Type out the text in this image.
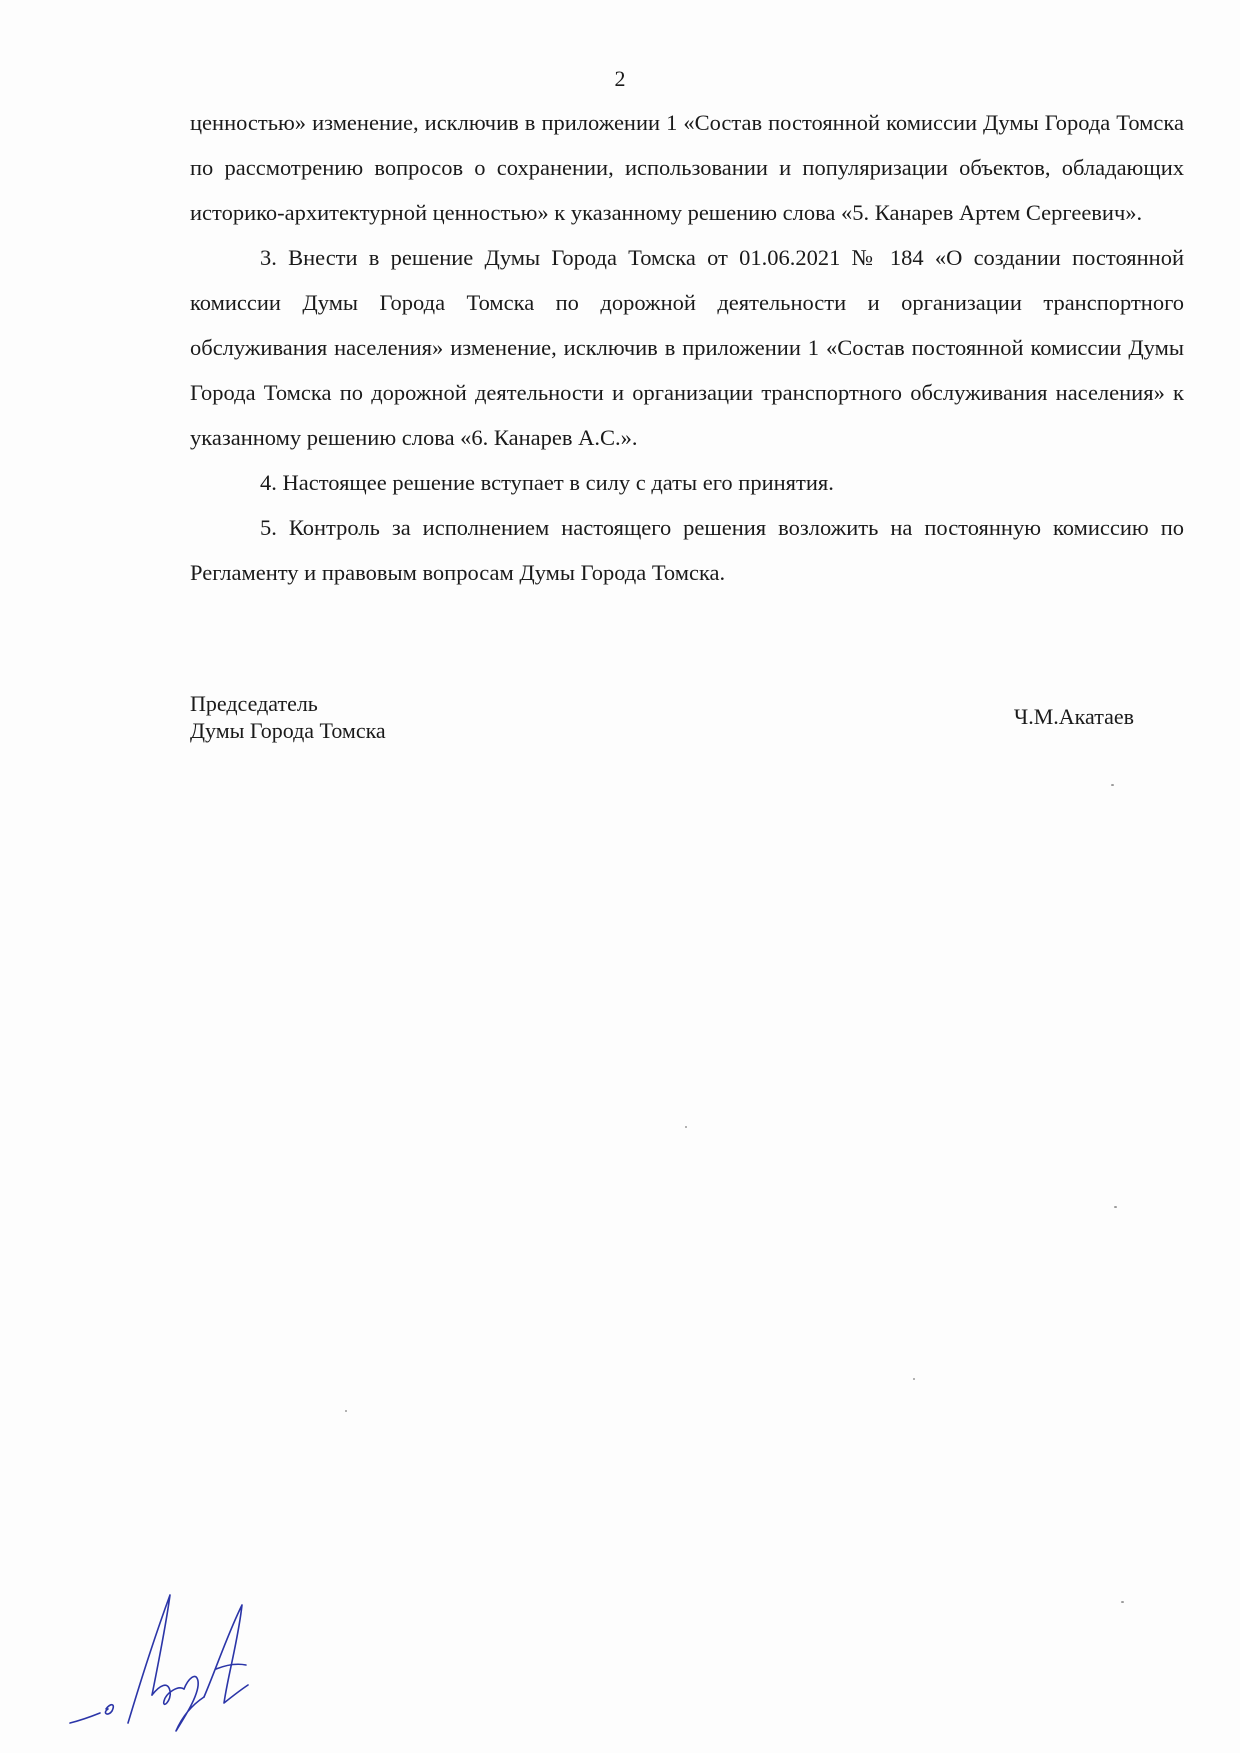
2

ценностью» изменение, исключив в приложении 1 «Состав постоянной комиссии Думы Города Томска по рассмотрению вопросов о сохранении, использовании и популяризации объектов, обладающих историко-архитектурной ценностью» к указанному решению слова «5. Канарев Артем Сергеевич».

3. Внести в решение Думы Города Томска от 01.06.2021 № 184 «О создании постоянной комиссии Думы Города Томска по дорожной деятельности и организации транспортного обслуживания населения» изменение, исключив в приложении 1 «Состав постоянной комиссии Думы Города Томска по дорожной деятельности и организации транспортного обслуживания населения» к указанному решению слова «6. Канарев А.С.».

4. Настоящее решение вступает в силу с даты его принятия.

5. Контроль за исполнением настоящего решения возложить на постоянную комиссию по Регламенту и правовым вопросам Думы Города Томска.

Председатель
Думы Города Томска
Ч.М.Акатаев
